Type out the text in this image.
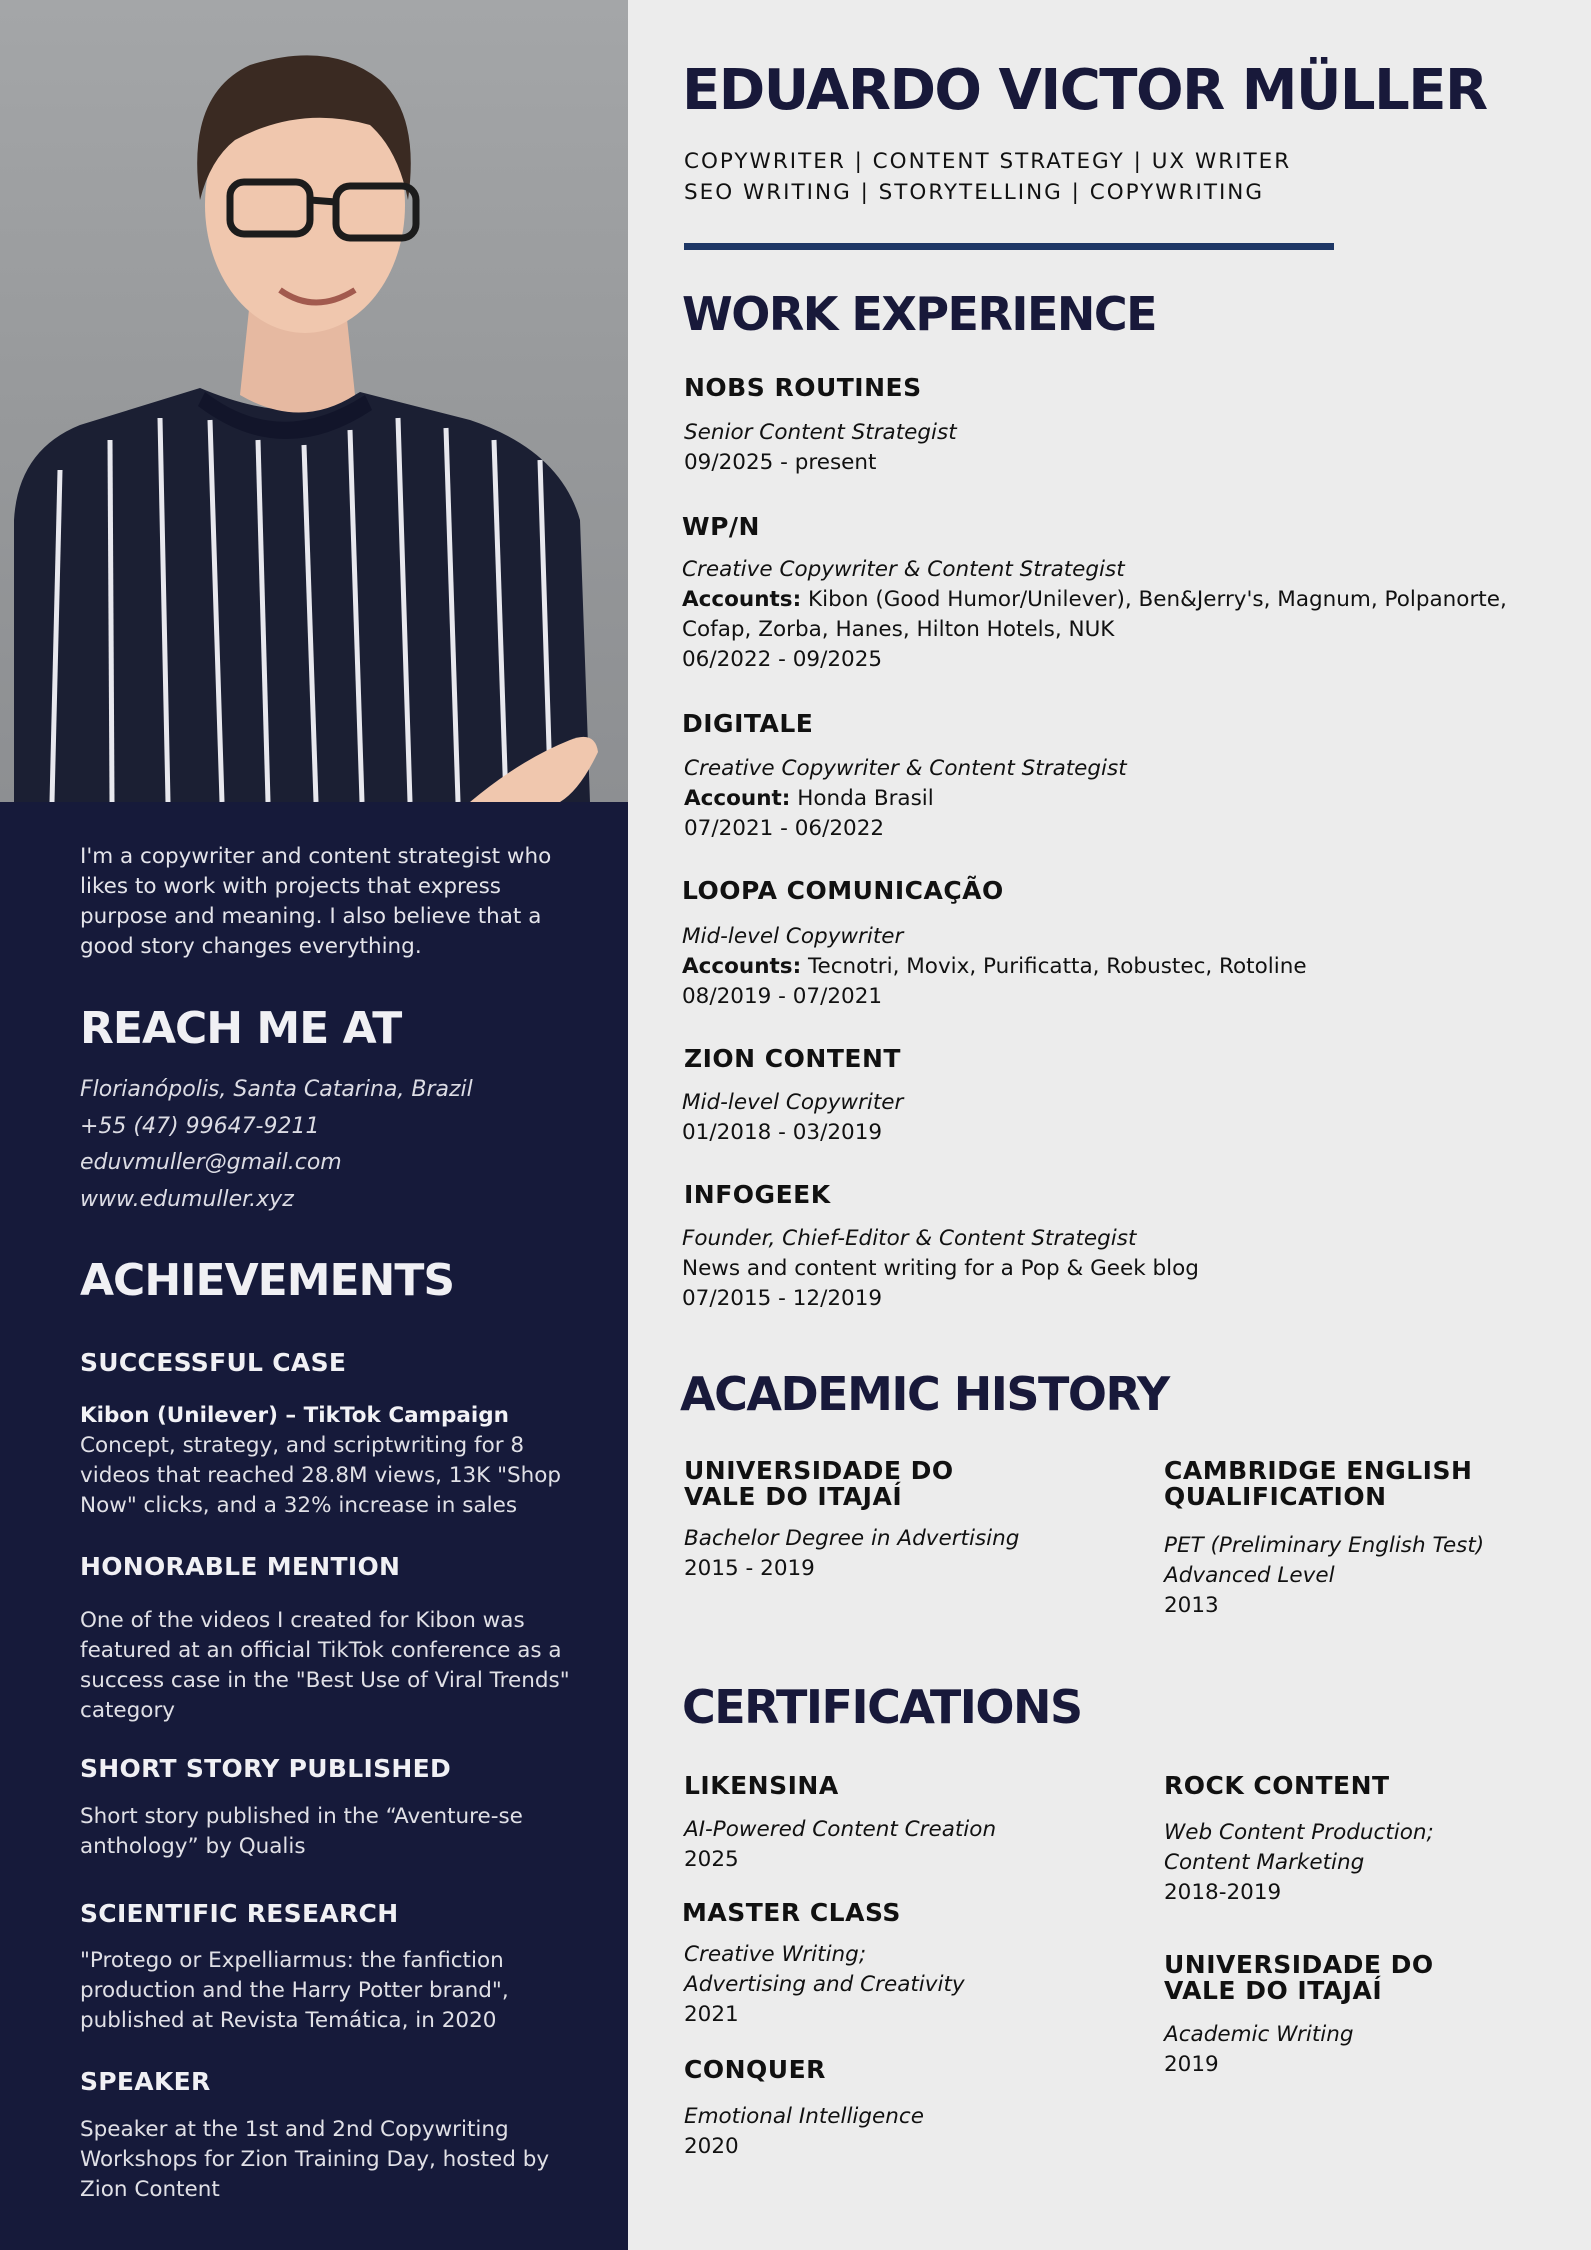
I'm a copywriter and content strategist who likes to work with projects that express purpose and meaning. I also believe that a good story changes everything.
REACH ME AT
Florianópolis, Santa Catarina, Brazil
+55 (47) 99647-9211
eduvmuller@gmail.com
www.edumuller.xyz
ACHIEVEMENTS
SUCCESSFUL CASE
Kibon (Unilever) – TikTok Campaign
Concept, strategy, and scriptwriting for 8 videos that reached 28.8M views, 13K "Shop Now" clicks, and a 32% increase in sales
HONORABLE MENTION
One of the videos I created for Kibon was featured at an official TikTok conference as a success case in the "Best Use of Viral Trends" category
SHORT STORY PUBLISHED
Short story published in the “Aventure-se anthology” by Qualis
SCIENTIFIC RESEARCH
"Protego or Expelliarmus: the fanfiction production and the Harry Potter brand", published at Revista Temática, in 2020
SPEAKER
Speaker at the 1st and 2nd Copywriting Workshops for Zion Training Day, hosted by Zion Content
EDUARDO VICTOR MÜLLER
COPYWRITER | CONTENT STRATEGY | UX WRITER
SEO WRITING | STORYTELLING | COPYWRITING
WORK EXPERIENCE
NOBS ROUTINES
Senior Content Strategist
09/2025 - present
WP/N
Creative Copywriter & Content Strategist
Accounts: Kibon (Good Humor/Unilever), Ben&Jerry's, Magnum, Polpanorte, Cofap, Zorba, Hanes, Hilton Hotels, NUK
06/2022 - 09/2025
DIGITALE
Creative Copywriter & Content Strategist
Account: Honda Brasil
07/2021 - 06/2022
LOOPA COMUNICAÇÃO
Mid-level Copywriter
Accounts: Tecnotri, Movix, Purificatta, Robustec, Rotoline
08/2019 - 07/2021
ZION CONTENT
Mid-level Copywriter
01/2018 - 03/2019
INFOGEEK
Founder, Chief-Editor & Content Strategist
News and content writing for a Pop & Geek blog
07/2015 - 12/2019
ACADEMIC HISTORY
UNIVERSIDADE DO
VALE DO ITAJAÍ
Bachelor Degree in Advertising
2015 - 2019
CAMBRIDGE ENGLISH
QUALIFICATION
PET (Preliminary English Test)
Advanced Level
2013
CERTIFICATIONS
LIKENSINA
AI-Powered Content Creation
2025
MASTER CLASS
Creative Writing;
Advertising and Creativity
2021
CONQUER
Emotional Intelligence
2020
ROCK CONTENT
Web Content Production;
Content Marketing
2018-2019
UNIVERSIDADE DO
VALE DO ITAJAÍ
Academic Writing
2019
